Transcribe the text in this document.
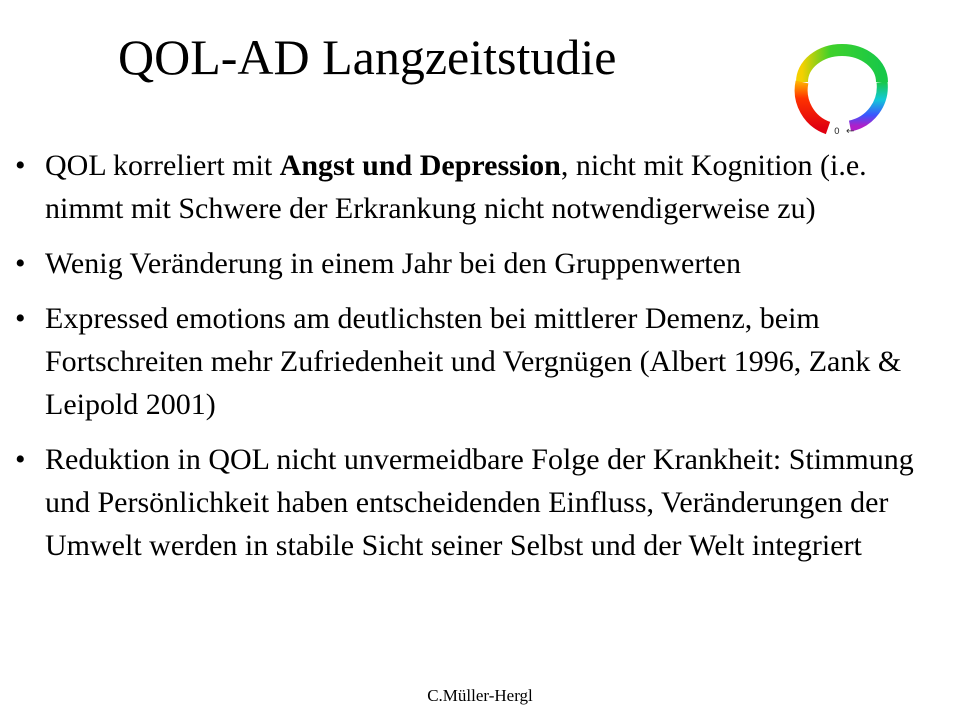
QOL-AD Langzeitstudie
0 ←
• QOL korreliert mit Angst und Depression, nicht mit Kognition (i.e. nimmt mit Schwere der Erkrankung nicht notwendigerweise zu)
• Wenig Veränderung in einem Jahr bei den Gruppenwerten
• Expressed emotions am deutlichsten bei mittlerer Demenz, beim Fortschreiten mehr Zufriedenheit und Vergnügen (Albert 1996, Zank & Leipold 2001)
• Reduktion in QOL nicht unvermeidbare Folge der Krankheit: Stimmung und Persönlichkeit haben entscheidenden Einfluss, Veränderungen der Umwelt werden in stabile Sicht seiner Selbst und der Welt integriert
C.Müller-Hergl
